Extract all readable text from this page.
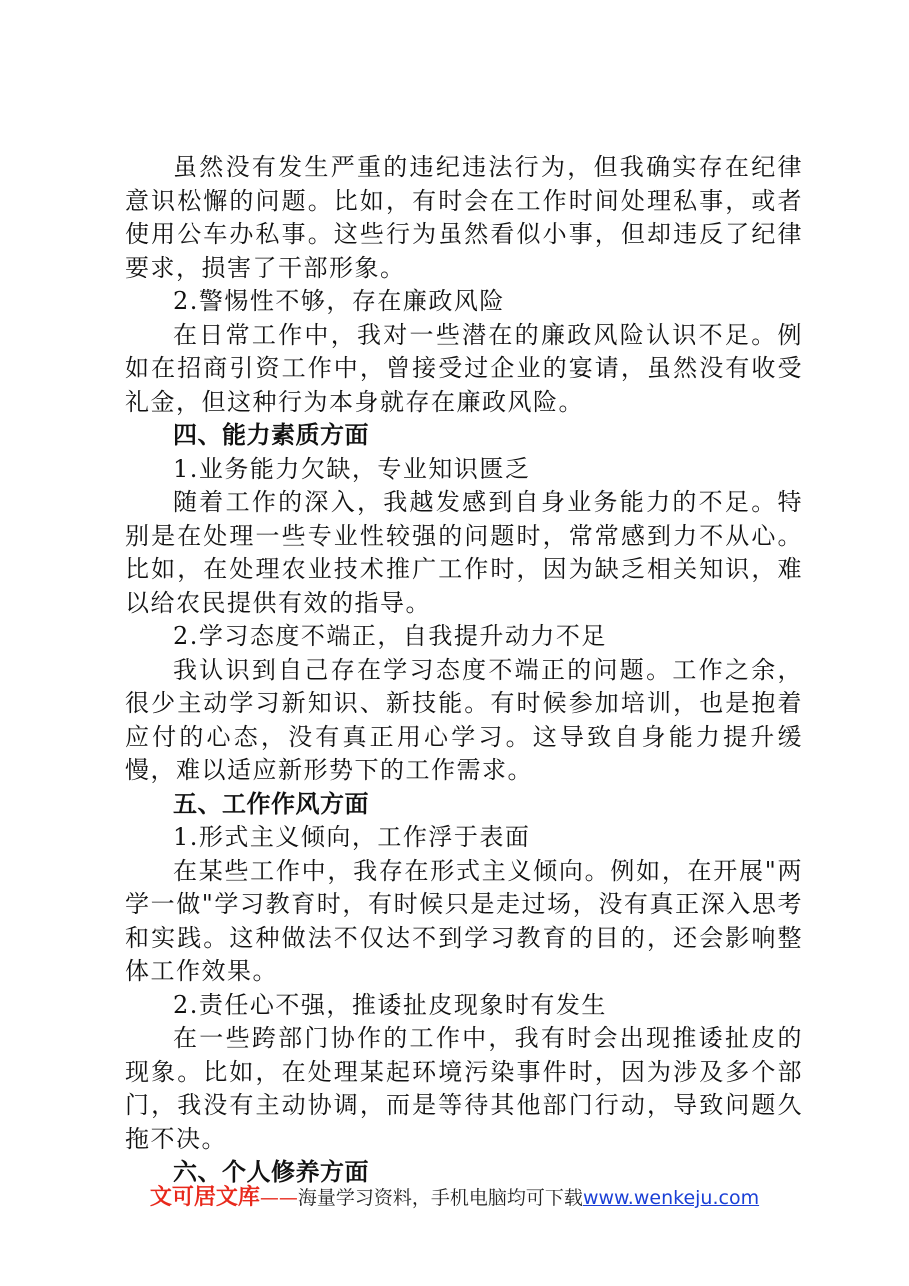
虽然没有发生严重的违纪违法行为，但我确实存在纪律意识松懈的问题。比如，有时会在工作时间处理私事，或者使用公车办私事。这些行为虽然看似小事，但却违反了纪律要求，损害了干部形象。

2.警惕性不够，存在廉政风险

在日常工作中，我对一些潜在的廉政风险认识不足。例如在招商引资工作中，曾接受过企业的宴请，虽然没有收受礼金，但这种行为本身就存在廉政风险。

四、能力素质方面

1.业务能力欠缺，专业知识匮乏

随着工作的深入，我越发感到自身业务能力的不足。特别是在处理一些专业性较强的问题时，常常感到力不从心。比如，在处理农业技术推广工作时，因为缺乏相关知识，难以给农民提供有效的指导。

2.学习态度不端正，自我提升动力不足

我认识到自己存在学习态度不端正的问题。工作之余，很少主动学习新知识、新技能。有时候参加培训，也是抱着应付的心态，没有真正用心学习。这导致自身能力提升缓慢，难以适应新形势下的工作需求。

五、工作作风方面

1.形式主义倾向，工作浮于表面

在某些工作中，我存在形式主义倾向。例如，在开展"两学一做"学习教育时，有时候只是走过场，没有真正深入思考和实践。这种做法不仅达不到学习教育的目的，还会影响整体工作效果。

2.责任心不强，推诿扯皮现象时有发生

在一些跨部门协作的工作中，我有时会出现推诿扯皮的现象。比如，在处理某起环境污染事件时，因为涉及多个部门，我没有主动协调，而是等待其他部门行动，导致问题久拖不决。

六、个人修养方面

文可居文库——海量学习资料，手机电脑均可下载www.wenkeju.com
